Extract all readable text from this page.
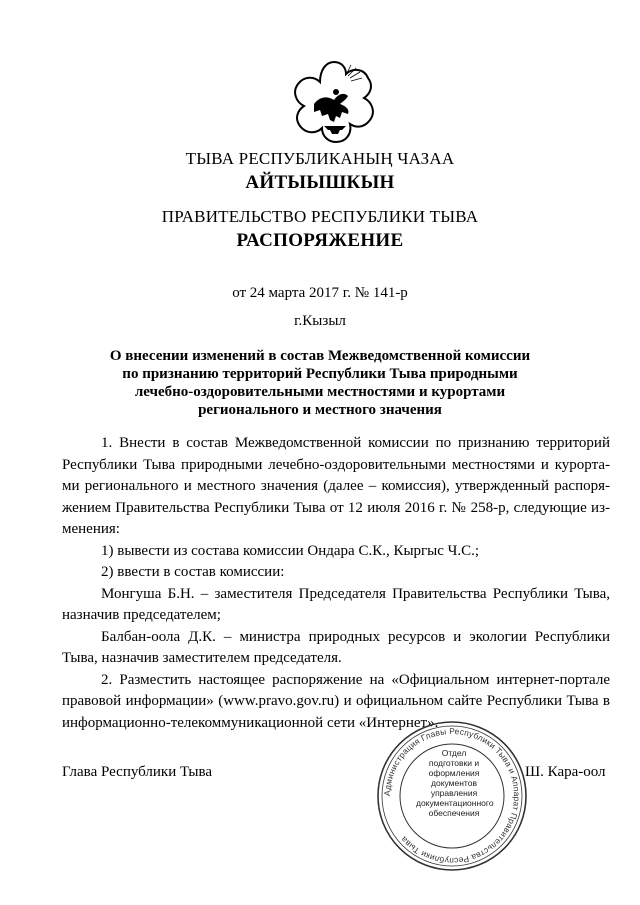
ТЫВА РЕСПУБЛИКАНЫҢ ЧАЗАА
АЙТЫЫШКЫН
ПРАВИТЕЛЬСТВО РЕСПУБЛИКИ ТЫВА
РАСПОРЯЖЕНИЕ
от 24 марта 2017 г. № 141-р
г.Кызыл
О внесении изменений в состав Межведомственной комиссии
по признанию территорий Республики Тыва природными
лечебно-оздоровительными местностями и курортами
регионального и местного значения
1. Внести в состав Межведомственной комиссии по признанию территорий
Республики Тыва природными лечебно-оздоровительными местностями и курорта-
ми регионального и местного значения (далее – комиссия), утвержденный распоря-
жением Правительства Республики Тыва от 12 июля 2016 г. № 258-р, следующие из-
менения:
1) вывести из состава комиссии Ондара С.К., Кыргыс Ч.С.;
2) ввести в состав комиссии:
Монгуша Б.Н. – заместителя Председателя Правительства Республики Тыва,
назначив председателем;
Балбан-оола Д.К. – министра природных ресурсов и экологии Республики
Тыва, назначив заместителем председателя.
2. Разместить настоящее распоряжение на «Официальном интернет-портале
правовой информации» (www.pravo.gov.ru) и официальном сайте Республики Тыва в
информационно-телекоммуникационной сети «Интернет».
Администрация Главы Республики Тыва и Аппарат Правительства Республики Тыва
Отдел
подготовки и
оформления документов
управления
документационного
обеспечения
Глава Республики Тыва	Ш. Кара-оол
